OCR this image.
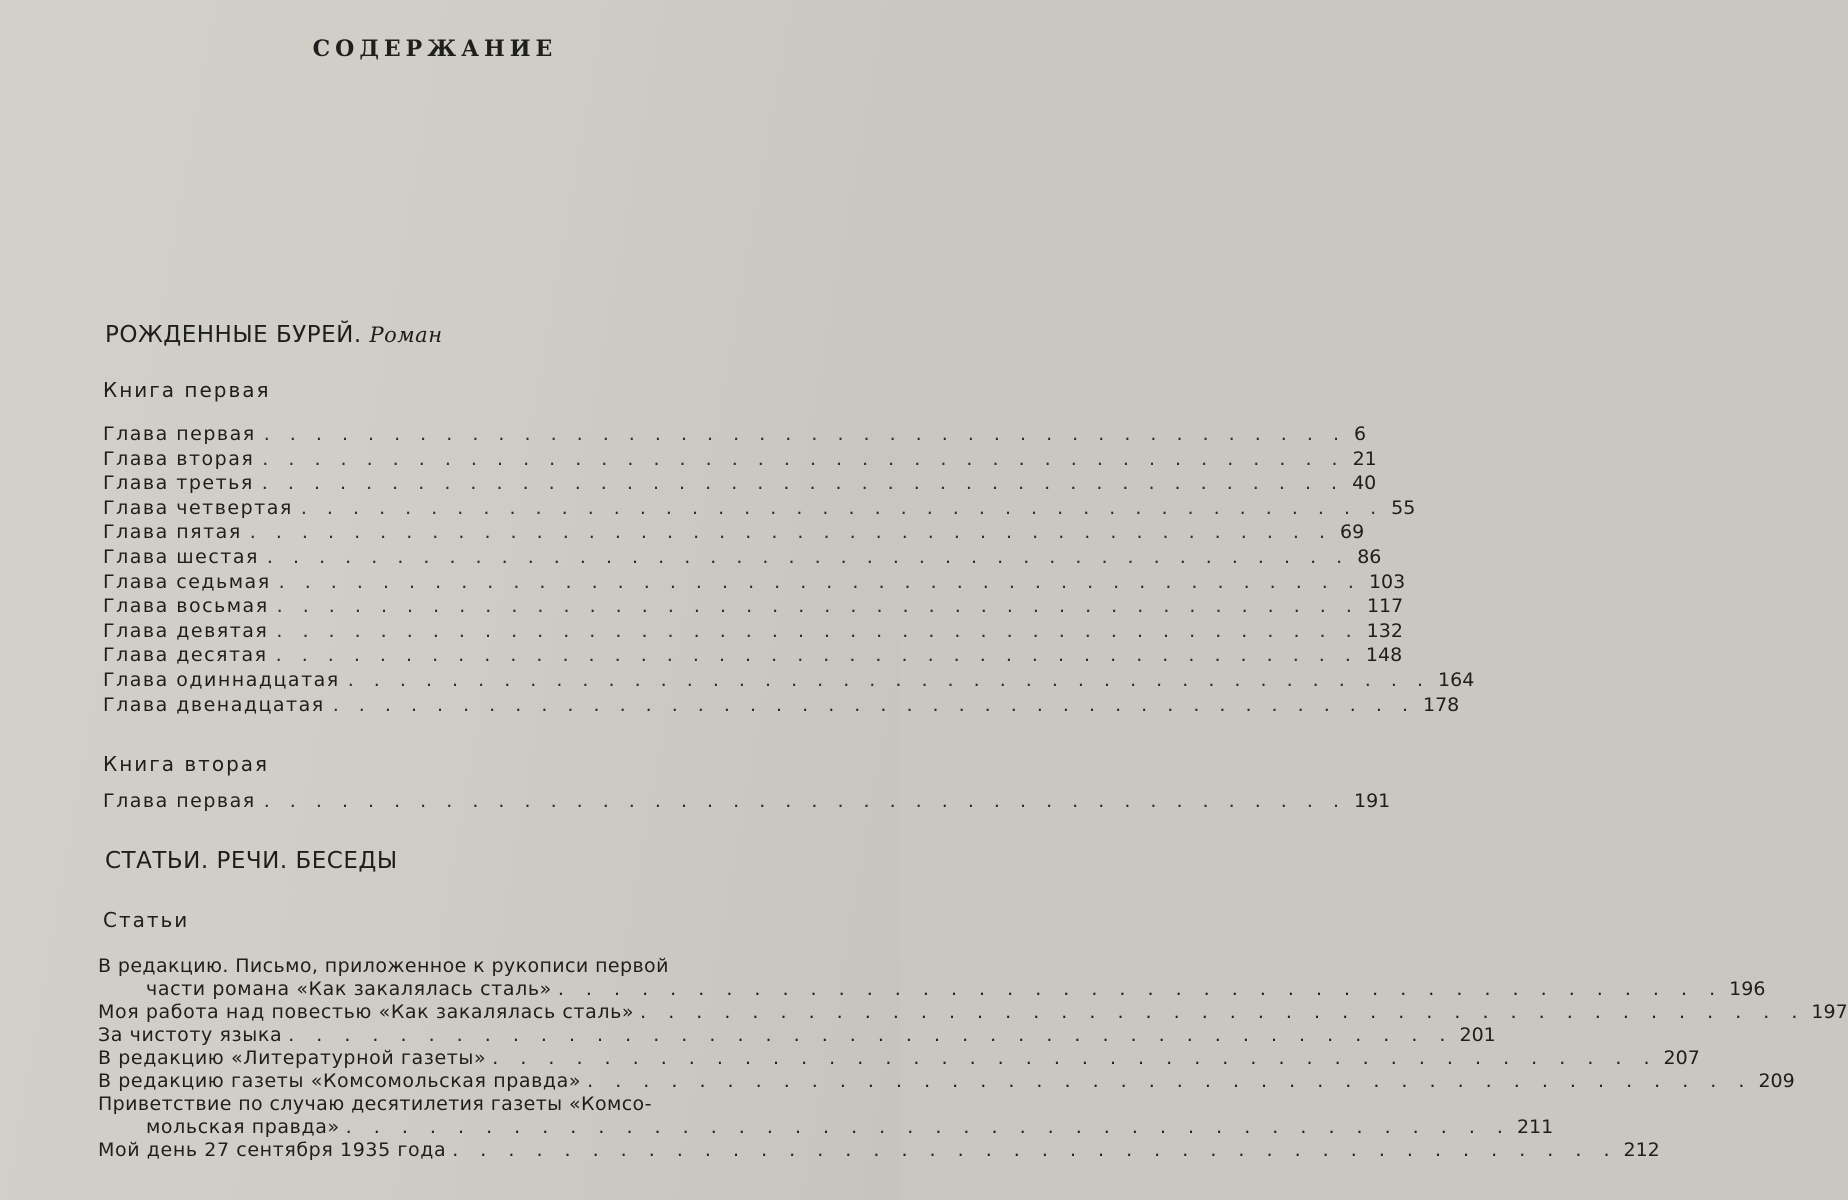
СОДЕРЖАНИЕ
РОЖДЕННЫЕ БУРЕЙ. Роман
Книга первая
Глава первая . . . . . . . . . . . . . . . . . . . . . . . . . . . . . . . . . . . . . . . . . . 6
Глава вторая . . . . . . . . . . . . . . . . . . . . . . . . . . . . . . . . . . . . . . . . . . 21
Глава третья . . . . . . . . . . . . . . . . . . . . . . . . . . . . . . . . . . . . . . . . . . 40
Глава четвертая . . . . . . . . . . . . . . . . . . . . . . . . . . . . . . . . . . . . . . . . . . 55
Глава пятая . . . . . . . . . . . . . . . . . . . . . . . . . . . . . . . . . . . . . . . . . . 69
Глава шестая . . . . . . . . . . . . . . . . . . . . . . . . . . . . . . . . . . . . . . . . . . 86
Глава седьмая . . . . . . . . . . . . . . . . . . . . . . . . . . . . . . . . . . . . . . . . . . 103
Глава восьмая . . . . . . . . . . . . . . . . . . . . . . . . . . . . . . . . . . . . . . . . . . 117
Глава девятая . . . . . . . . . . . . . . . . . . . . . . . . . . . . . . . . . . . . . . . . . . 132
Глава десятая . . . . . . . . . . . . . . . . . . . . . . . . . . . . . . . . . . . . . . . . . . 148
Глава одиннадцатая . . . . . . . . . . . . . . . . . . . . . . . . . . . . . . . . . . . . . . . . . . 164
Глава двенадцатая . . . . . . . . . . . . . . . . . . . . . . . . . . . . . . . . . . . . . . . . . . 178
Книга вторая
Глава первая . . . . . . . . . . . . . . . . . . . . . . . . . . . . . . . . . . . . . . . . . . 191
СТАТЬИ. РЕЧИ. БЕСЕДЫ
Статьи
В редакцию. Письмо, приложенное к рукописи первой
части романа «Как закалялась сталь» . . . . . . . . . . . . . . . . . . . . . . . . . . . . . . . . . . . . . . . . . . 196
Моя работа над повестью «Как закалялась сталь» . . . . . . . . . . . . . . . . . . . . . . . . . . . . . . . . . . . . . . . . . . 197
За чистоту языка . . . . . . . . . . . . . . . . . . . . . . . . . . . . . . . . . . . . . . . . . . 201
В редакцию «Литературной газеты» . . . . . . . . . . . . . . . . . . . . . . . . . . . . . . . . . . . . . . . . . . 207
В редакцию газеты «Комсомольская правда» . . . . . . . . . . . . . . . . . . . . . . . . . . . . . . . . . . . . . . . . . . 209
Приветствие по случаю десятилетия газеты «Комсо-
мольская правда» . . . . . . . . . . . . . . . . . . . . . . . . . . . . . . . . . . . . . . . . . . 211
Мой день 27 сентября 1935 года . . . . . . . . . . . . . . . . . . . . . . . . . . . . . . . . . . . . . . . . . . 212
